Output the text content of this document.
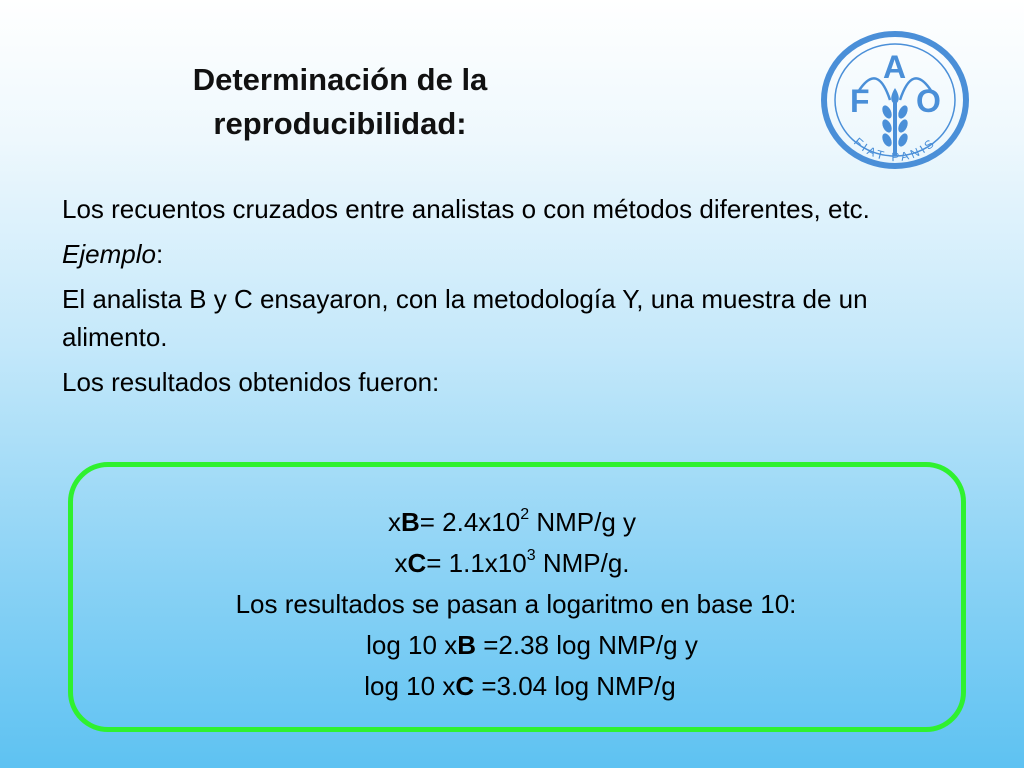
Determinación de la
reproducibilidad:
F
A
O
FIAT PANIS

Los recuentos cruzados entre analistas o con métodos diferentes, etc.

Ejemplo:

El analista B y C ensayaron, con la metodología Y, una muestra de un alimento.

Los resultados obtenidos fueron:

$xB= 2.4x10^2$ NMP/g y
$xC= 1.1x10^3$ NMP/g.
Los resultados se pasan a logaritmo en base 10:
log 10 xB =2.38 log NMP/g y
log 10 xC =3.04 log NMP/g
